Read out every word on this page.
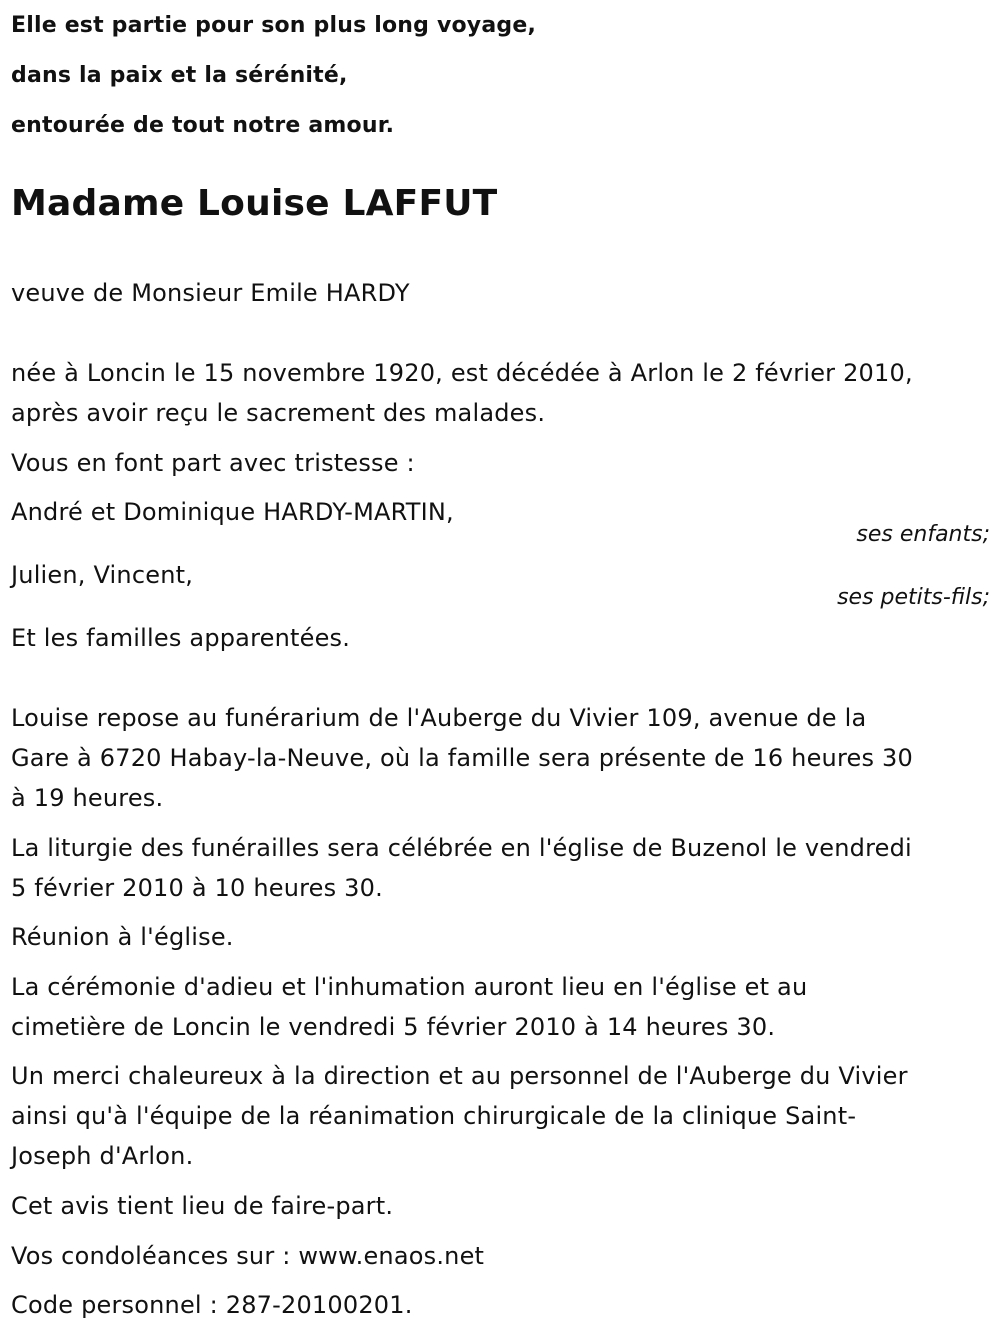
Elle est partie pour son plus long voyage,
dans la paix et la sérénité,
entourée de tout notre amour.
Madame Louise LAFFUT
veuve de Monsieur Emile HARDY
née à Loncin le 15 novembre 1920, est décédée à Arlon le 2 février 2010,
après avoir reçu le sacrement des malades.
Vous en font part avec tristesse :
André et Dominique HARDY-MARTIN,
ses enfants;
Julien, Vincent,
ses petits-fils;
Et les familles apparentées.
Louise repose au funérarium de l'Auberge du Vivier 109, avenue de la
Gare à 6720 Habay-la-Neuve, où la famille sera présente de 16 heures 30
à 19 heures.
La liturgie des funérailles sera célébrée en l'église de Buzenol le vendredi
5 février 2010 à 10 heures 30.
Réunion à l'église.
La cérémonie d'adieu et l'inhumation auront lieu en l'église et au
cimetière de Loncin le vendredi 5 février 2010 à 14 heures 30.
Un merci chaleureux à la direction et au personnel de l'Auberge du Vivier
ainsi qu'à l'équipe de la réanimation chirurgicale de la clinique Saint-
Joseph d'Arlon.
Cet avis tient lieu de faire-part.
Vos condoléances sur : www.enaos.net
Code personnel : 287-20100201.
